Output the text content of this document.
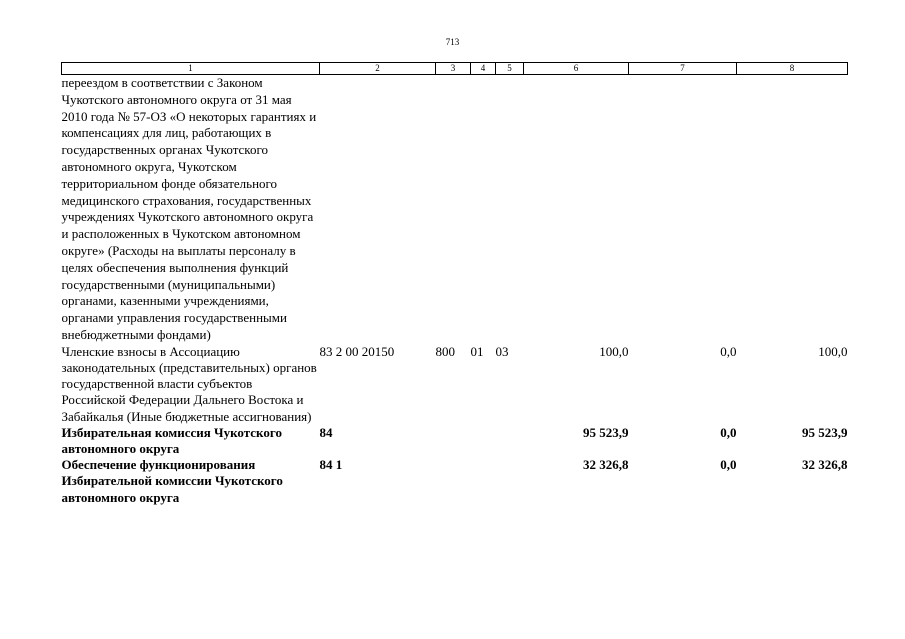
713
1	2	3	4	5	6	7	8
переездом в соответствии с Законом Чукотского автономного округа от 31 мая 2010 года № 57-ОЗ «О некоторых гарантиях и компенсациях для лиц, работающих в государственных органах Чукотского автономного округа, Чукотском территориальном фонде обязательного медицинского страхования, государственных учреждениях Чукотского автономного округа и расположенных в Чукотском автономном округе» (Расходы на выплаты персоналу в целях обеспечения выполнения функций государственными (муниципальными) органами, казенными учреждениями, органами управления государственными внебюджетными фондами)							
Членские взносы в Ассоциацию законодательных (представительных) органов государственной власти субъектов Российской Федерации Дальнего Востока и Забайкалья (Иные бюджетные ассигнования)	83 2 00 20150	800	01	03	100,0	0,0	100,0
Избирательная комиссия Чукотского автономного округа	84				95 523,9	0,0	95 523,9
Обеспечение функционирования Избирательной комиссии Чукотского автономного округа	84 1				32 326,8	0,0	32 326,8
